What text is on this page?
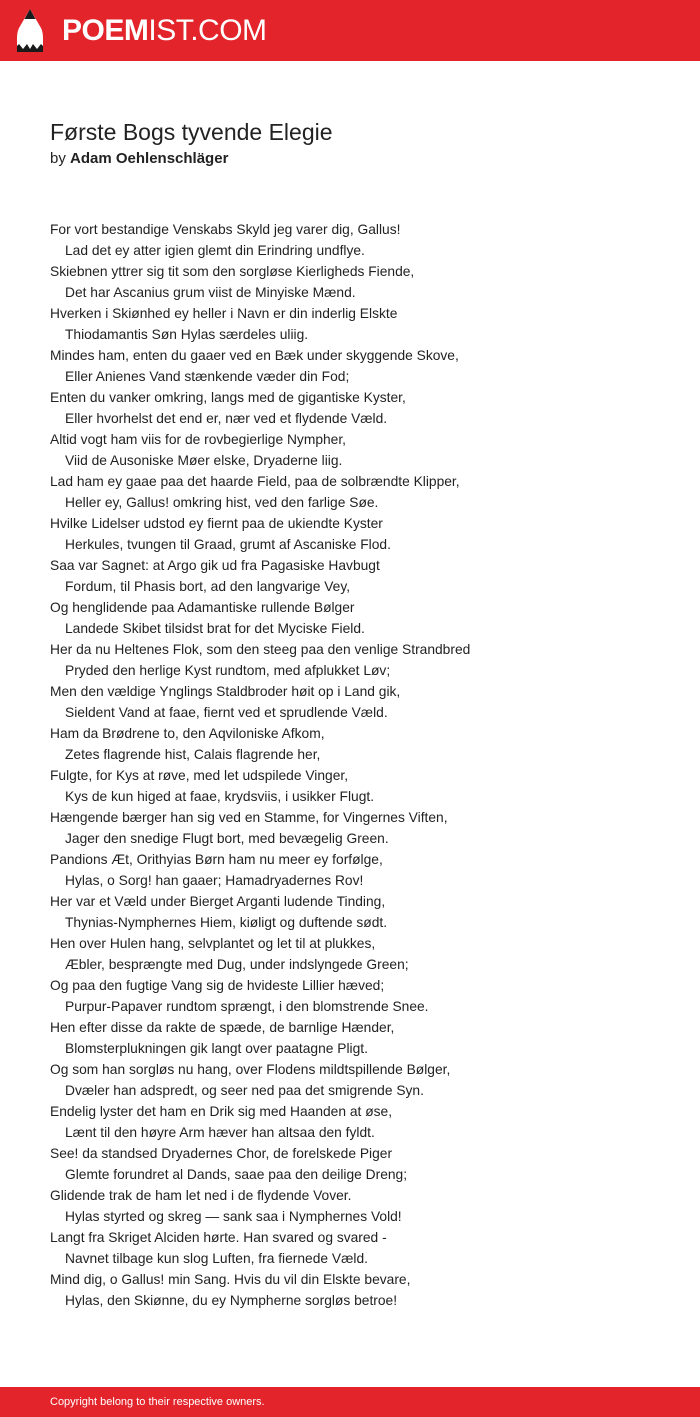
POEMIST.COM
Første Bogs tyvende Elegie
by Adam Oehlenschläger
For vort bestandige Venskabs Skyld jeg varer dig, Gallus!
Lad det ey atter igien glemt din Erindring undflye.
Skiebnen yttrer sig tit som den sorgløse Kierligheds Fiende,
Det har Ascanius grum viist de Minyiske Mænd.
Hverken i Skiønhed ey heller i Navn er din inderlig Elskte
Thiodamantis Søn Hylas særdeles uliig.
Mindes ham, enten du gaaer ved en Bæk under skyggende Skove,
Eller Anienes Vand stænkende væder din Fod;
Enten du vanker omkring, langs med de gigantiske Kyster,
Eller hvorhelst det end er, nær ved et flydende Væld.
Altid vogt ham viis for de rovbegierlige Nympher,
Viid de Ausoniske Møer elske, Dryaderne liig.
Lad ham ey gaae paa det haarde Field, paa de solbrændte Klipper,
Heller ey, Gallus! omkring hist, ved den farlige Søe.
Hvilke Lidelser udstod ey fiernt paa de ukiendte Kyster
Herkules, tvungen til Graad, grumt af Ascaniske Flod.
Saa var Sagnet: at Argo gik ud fra Pagasiske Havbugt
Fordum, til Phasis bort, ad den langvarige Vey,
Og henglidende paa Adamantiske rullende Bølger
Landede Skibet tilsidst brat for det Myciske Field.
Her da nu Heltenes Flok, som den steeg paa den venlige Strandbred
Pryded den herlige Kyst rundtom, med afplukket Løv;
Men den vældige Ynglings Staldbroder høit op i Land gik,
Sieldent Vand at faae, fiernt ved et sprudlende Væld.
Ham da Brødrene to, den Aqviloniske Afkom,
Zetes flagrende hist, Calais flagrende her,
Fulgte, for Kys at røve, med let udspilede Vinger,
Kys de kun higed at faae, krydsviis, i usikker Flugt.
Hængende bærger han sig ved en Stamme, for Vingernes Viften,
Jager den snedige Flugt bort, med bevægelig Green.
Pandions Æt, Orithyias Børn ham nu meer ey forfølge,
Hylas, o Sorg! han gaaer; Hamadryadernes Rov!
Her var et Væld under Bierget Arganti ludende Tinding,
Thynias-Nymphernes Hiem, kiøligt og duftende sødt.
Hen over Hulen hang, selvplantet og let til at plukkes,
Æbler, besprængte med Dug, under indslyngede Green;
Og paa den fugtige Vang sig de hvideste Lillier hæved;
Purpur-Papaver rundtom sprængt, i den blomstrende Snee.
Hen efter disse da rakte de spæde, de barnlige Hænder,
Blomsterplukningen gik langt over paatagne Pligt.
Og som han sorgløs nu hang, over Flodens mildtspillende Bølger,
Dvæler han adspredt, og seer ned paa det smigrende Syn.
Endelig lyster det ham en Drik sig med Haanden at øse,
Lænt til den høyre Arm hæver han altsaa den fyldt.
See! da standsed Dryadernes Chor, de forelskede Piger
Glemte forundret al Dands, saae paa den deilige Dreng;
Glidende trak de ham let ned i de flydende Vover.
Hylas styrted og skreg — sank saa i Nymphernes Vold!
Langt fra Skriget Alciden hørte. Han svared og svared -
Navnet tilbage kun slog Luften, fra fiernede Væld.
Mind dig, o Gallus! min Sang. Hvis du vil din Elskte bevare,
Hylas, den Skiønne, du ey Nympherne sorgløs betroe!
Copyright belong to their respective owners.
